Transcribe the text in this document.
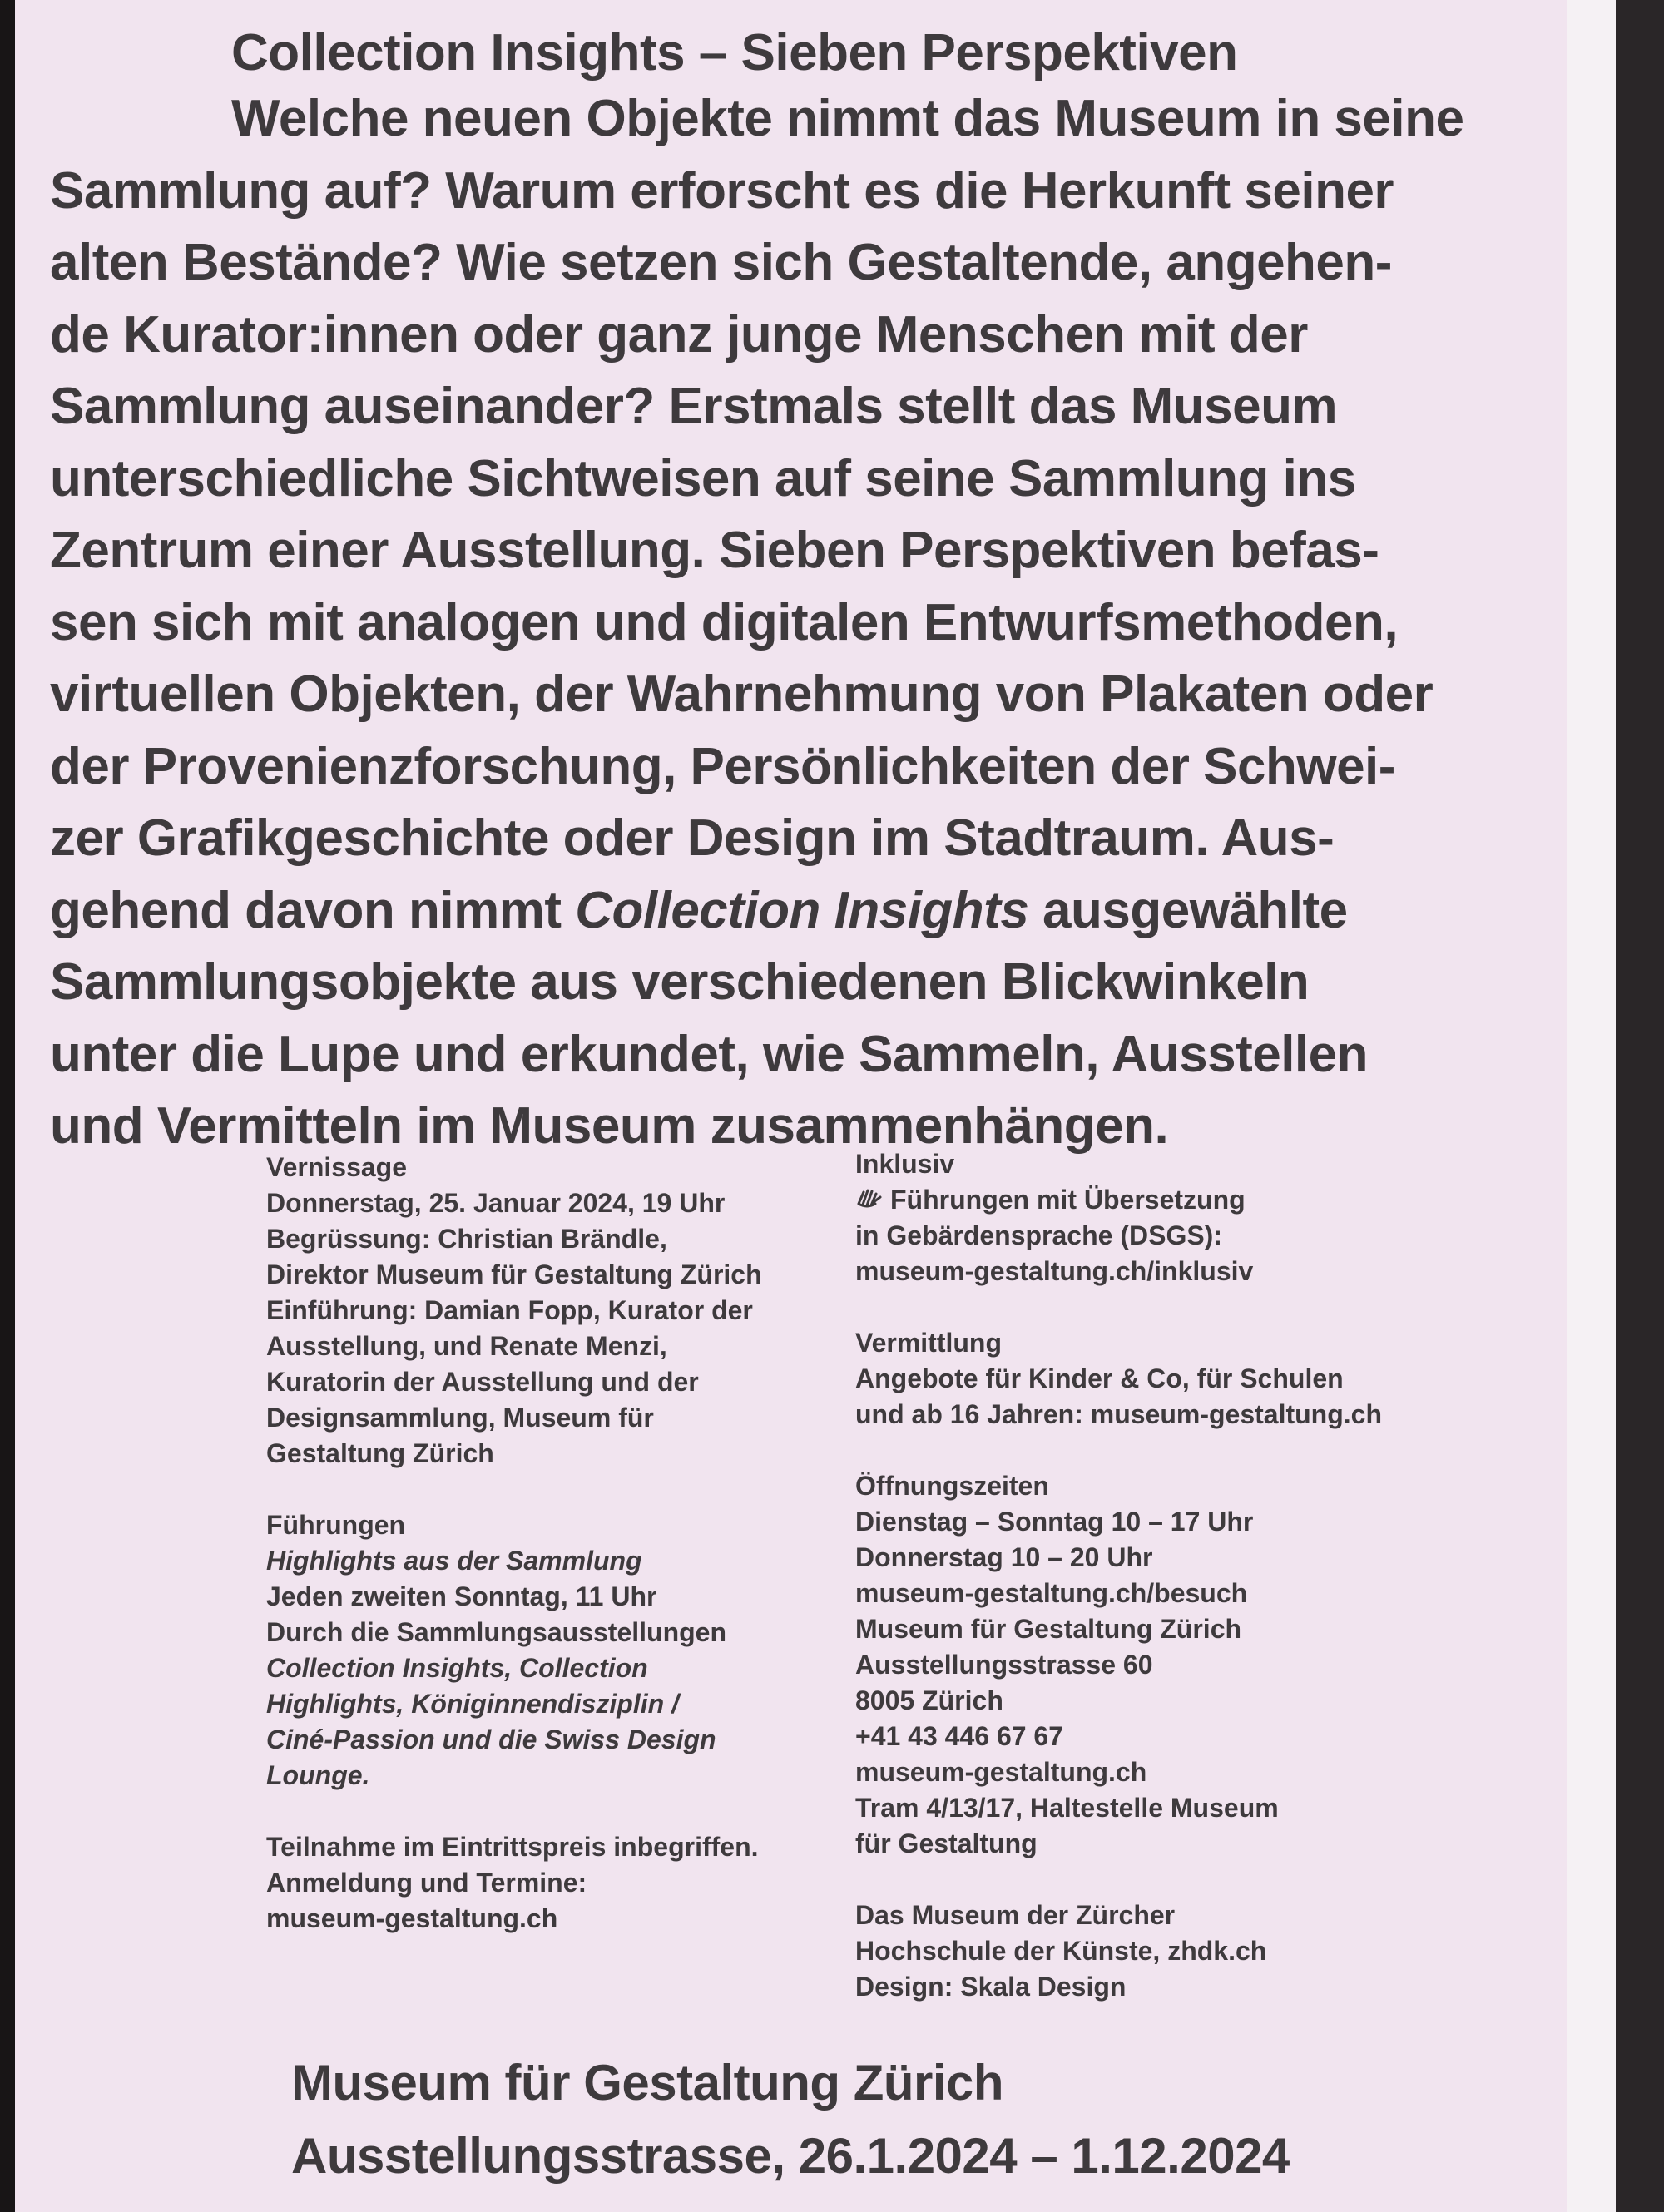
Collection Insights – Sieben Perspektiven
Welche neuen Objekte nimmt das Museum in seine
Sammlung auf? Warum erforscht es die Herkunft seiner
alten Bestände? Wie setzen sich Gestaltende, angehen-
de Kurator:innen oder ganz junge Menschen mit der
Sammlung auseinander? Erstmals stellt das Museum
unterschiedliche Sichtweisen auf seine Sammlung ins
Zentrum einer Ausstellung. Sieben Perspektiven befas-
sen sich mit analogen und digitalen Entwurfsmethoden,
virtuellen Objekten, der Wahrnehmung von Plakaten oder
der Provenienzforschung, Persönlichkeiten der Schwei-
zer Grafikgeschichte oder Design im Stadtraum. Aus-
gehend davon nimmt Collection Insights ausgewählte
Sammlungsobjekte aus verschiedenen Blickwinkeln
unter die Lupe und erkundet, wie Sammeln, Ausstellen
und Vermitteln im Museum zusammenhängen.
Vernissage
Donnerstag, 25. Januar 2024, 19 Uhr
Begrüssung: Christian Brändle,
Direktor Museum für Gestaltung Zürich
Einführung: Damian Fopp, Kurator der
Ausstellung, und Renate Menzi,
Kuratorin der Ausstellung und der
Designsammlung, Museum für
Gestaltung Zürich
Führungen
Highlights aus der Sammlung
Jeden zweiten Sonntag, 11 Uhr
Durch die Sammlungsausstellungen
Collection Insights, Collection
Highlights, Königinnendisziplin /
Ciné-Passion und die Swiss Design
Lounge.
Teilnahme im Eintrittspreis inbegriffen.
Anmeldung und Termine:
museum-gestaltung.ch
Inklusiv
Führungen mit Übersetzung
in Gebärdensprache (DSGS):
museum-gestaltung.ch/inklusiv
Vermittlung
Angebote für Kinder & Co, für Schulen
und ab 16 Jahren: museum-gestaltung.ch
Öffnungszeiten
Dienstag – Sonntag 10 – 17 Uhr
Donnerstag 10 – 20 Uhr
museum-gestaltung.ch/besuch
Museum für Gestaltung Zürich
Ausstellungsstrasse 60
8005 Zürich
+41 43 446 67 67
museum-gestaltung.ch
Tram 4/13/17, Haltestelle Museum
für Gestaltung
Das Museum der Zürcher
Hochschule der Künste, zhdk.ch
Design: Skala Design
Museum für Gestaltung Zürich
Ausstellungsstrasse, 26.1.2024 – 1.12.2024
